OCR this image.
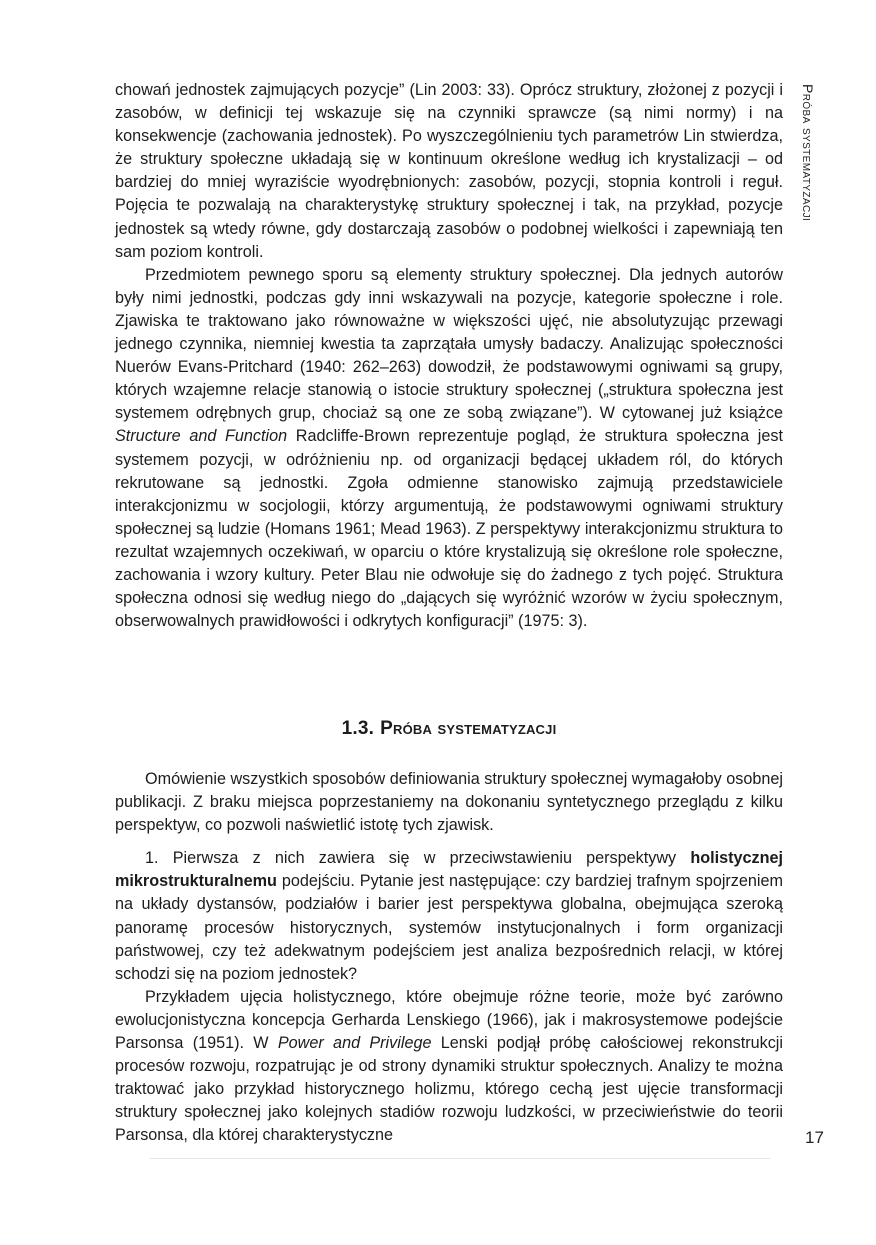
Próba systematyzacji

chowań jednostek zajmujących pozycje” (Lin 2003: 33). Oprócz struktury, złożonej z pozycji i zasobów, w definicji tej wskazuje się na czynniki sprawcze (są nimi normy) i na konsekwencje (zachowania jednostek). Po wyszczególnieniu tych parametrów Lin stwierdza, że struktury społeczne układają się w kontinuum określone według ich krystalizacji – od bardziej do mniej wyraziście wyodrębnionych: zasobów, pozycji, stopnia kontroli i reguł. Pojęcia te pozwalają na charakterystykę struktury społecznej i tak, na przykład, pozycje jednostek są wtedy równe, gdy dostarczają zasobów o podobnej wielkości i zapewniają ten sam poziom kontroli.

Przedmiotem pewnego sporu są elementy struktury społecznej. Dla jednych autorów były nimi jednostki, podczas gdy inni wskazywali na pozycje, kategorie społeczne i role. Zjawiska te traktowano jako równoważne w większości ujęć, nie absolutyzując przewagi jednego czynnika, niemniej kwestia ta zaprzątała umysły badaczy. Analizując społeczności Nuerów Evans-Pritchard (1940: 262–263) dowodził, że podstawowymi ogniwami są grupy, których wzajemne relacje stanowią o istocie struktury społecznej („struktura społeczna jest systemem odrębnych grup, chociaż są one ze sobą związane”). W cytowanej już książce Structure and Function Radcliffe-Brown reprezentuje pogląd, że struktura społeczna jest systemem pozycji, w odróżnieniu np. od organizacji będącej układem ról, do których rekrutowane są jednostki. Zgoła odmienne stanowisko zajmują przedstawiciele interakcjonizmu w socjologii, którzy argumentują, że podstawowymi ogniwami struktury społecznej są ludzie (Homans 1961; Mead 1963). Z perspektywy interakcjonizmu struktura to rezultat wzajemnych oczekiwań, w oparciu o które krystalizują się określone role społeczne, zachowania i wzory kultury. Peter Blau nie odwołuje się do żadnego z tych pojęć. Struktura społeczna odnosi się według niego do „dających się wyróżnić wzorów w życiu społecznym, obserwowalnych prawidłowości i odkrytych konfiguracji” (1975: 3).

1.3. Próba systematyzacji

Omówienie wszystkich sposobów definiowania struktury społecznej wymagałoby osobnej publikacji. Z braku miejsca poprzestaniemy na dokonaniu syntetycznego przeglądu z kilku perspektyw, co pozwoli naświetlić istotę tych zjawisk.

1. Pierwsza z nich zawiera się w przeciwstawieniu perspektywy holistycznej mikrostrukturalnemu podejściu. Pytanie jest następujące: czy bardziej trafnym spojrzeniem na układy dystansów, podziałów i barier jest perspektywa globalna, obejmująca szeroką panoramę procesów historycznych, systemów instytucjonalnych i form organizacji państwowej, czy też adekwatnym podejściem jest analiza bezpośrednich relacji, w której schodzi się na poziom jednostek?

Przykładem ujęcia holistycznego, które obejmuje różne teorie, może być zarówno ewolucjonistyczna koncepcja Gerharda Lenskiego (1966), jak i makrosystemowe podejście Parsonsa (1951). W Power and Privilege Lenski podjął próbę całościowej rekonstrukcji procesów rozwoju, rozpatrując je od strony dynamiki struktur społecznych. Analizy te można traktować jako przykład historycznego holizmu, którego cechą jest ujęcie transformacji struktury społecznej jako kolejnych stadiów rozwoju ludzkości, w przeciwieństwie do teorii Parsonsa, dla której charakterystyczne	17
